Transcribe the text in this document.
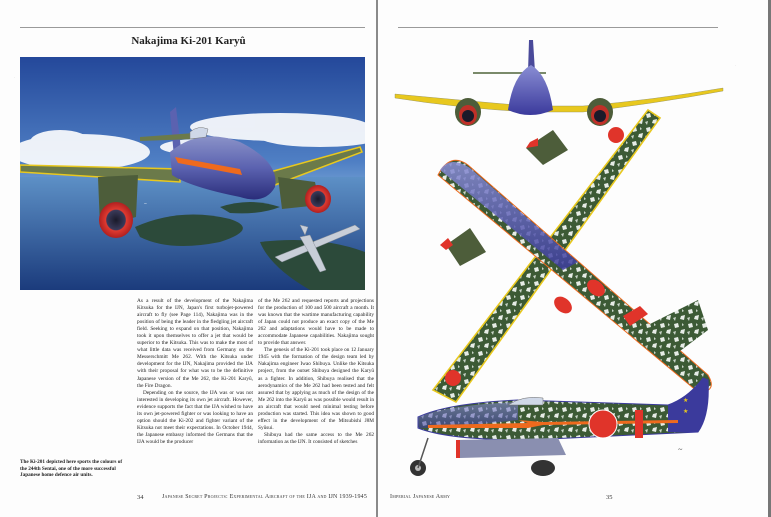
Nakajima Ki-201 Karyû
·
~

As a result of the development of the Nakajima Kitsuka for the IJN, Japan's first turbojet-powered aircraft to fly (see Page 114), Nakajima was in the position of being the leader in the fledgling jet aircraft field. Seeking to expand on that position, Nakajima took it upon themselves to offer a jet that would be superior to the Kitsuka. This was to make the most of what little data was received from Germany on the Messerschmitt Me 262. With the Kitsuka under development for the IJN, Nakajima provided the IJA with their proposal for what was to be the definitive Japanese version of the Me 262, the Ki-201 Karyû, the Fire Dragon.

Depending on the source, the IJA was or was not interested in developing its own jet aircraft. However, evidence supports the fact that the IJA wished to have its own jet-powered fighter or was looking to have an option should the Ki-202 and fighter variant of the Kitsuka not meet their expectations. In October 1944, the Japanese embassy informed the Germans that the IJA would be the producer

of the Me 262 and requested reports and projections for the production of 100 and 500 aircraft a month. It was known that the wartime manufacturing capability of Japan could not produce an exact copy of the Me 262 and adaptations would have to be made to accommodate Japanese capabilities. Nakajima sought to provide that answer.

The genesis of the Ki-201 took place on 12 January 1945 with the formation of the design team led by Nakajima engineer Iwao Shibuya. Unlike the Kitsuka project, from the outset Shibuya designed the Karyû as a fighter. In addition, Shibuya realised that the aerodynamics of the Me 262 had been tested and felt assured that by applying as much of the design of the Me 262 into the Karyû as was possible would result in an aircraft that would need minimal testing before production was started. This idea was shown to good effect in the development of the Mitsubishi J8M Syûsui.

Shibuya had the same access to the Me 262 information as the IJN. It consisted of sketches

The Ki-201 depicted here sports the colours of the 244th Sentai, one of the more successful Japanese home defence air units.
34	Japanese Secret Projects: Experimental Aircraft of the IJA and IJN 1939-1945
·
★
★
~
Imperial Japanese Army	35
